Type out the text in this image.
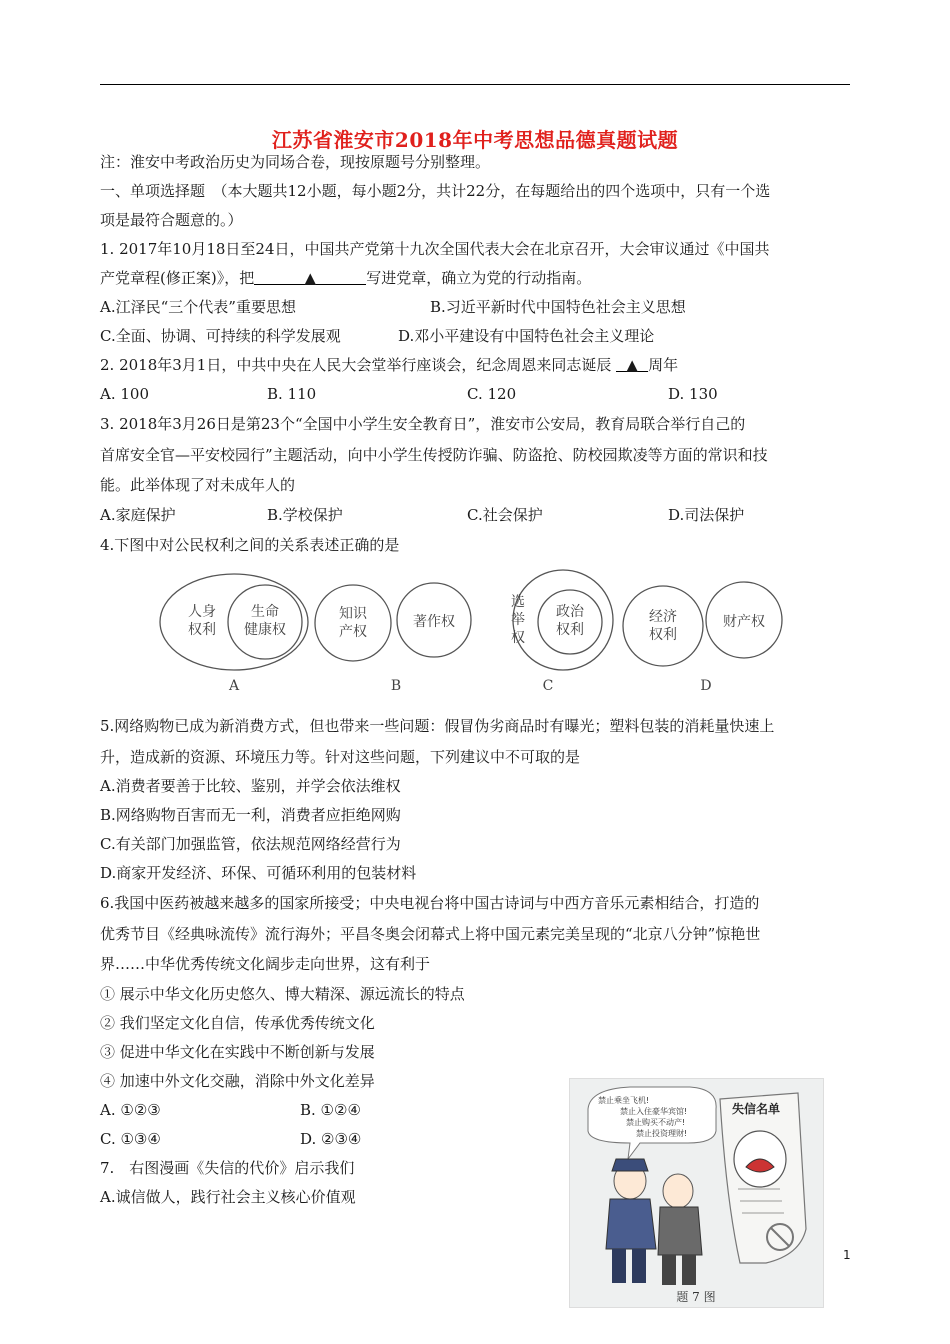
江苏省淮安市2018年中考思想品德真题试题
注：淮安中考政治历史为同场合卷，现按原题号分别整理。
一、单项选择题　（本大题共12小题，每小题2分，共计22分，在每题给出的四个选项中，只有一个选
项是最符合题意的。）
1. 2017年10月18日至24日，中国共产党第十九次全国代表大会在北京召开，大会审议通过《中国共
产党章程(修正案)》，把	▲	写进党章，确立为党的行动指南。
A.江泽民“三个代表”重要思想	B.习近平新时代中国特色社会主义思想
C.全面、协调、可持续的科学发展观	D.邓小平建设有中国特色社会主义理论
2. 2018年3月1日，中共中央在人民大会堂举行座谈会，纪念周恩来同志诞辰 ▲ 周年
A. 100	B. 110	C. 120	D. 130
3. 2018年3月26日是第23个“全国中小学生安全教育日”，淮安市公安局，教育局联合举行自己的
首席安全官—平安校园行”主题活动，向中小学生传授防诈骗、防盗抢、防校园欺凌等方面的常识和技
能。此举体现了对未成年人的
A.家庭保护	B.学校保护	C.社会保护	D.司法保护
4.下图中对公民权利之间的关系表述正确的是
人身
权利
生命
健康权
A
知识
产权
著作权
B
选
举
权
政治
权利
C
经济
权利
财产权
D
5.网络购物已成为新消费方式，但也带来一些问题：假冒伪劣商品时有曝光；塑料包装的消耗量快速上
升，造成新的资源、环境压力等。针对这些问题，下列建议中不可取的是
A.消费者要善于比较、鉴别，并学会依法维权
B.网络购物百害而无一利，消费者应拒绝网购
C.有关部门加强监管，依法规范网络经营行为
D.商家开发经济、环保、可循环利用的包装材料
6.我国中医药被越来越多的国家所接受；中央电视台将中国古诗词与中西方音乐元素相结合，打造的
优秀节目《经典咏流传》流行海外；平昌冬奥会闭幕式上将中国元素完美呈现的“北京八分钟”惊艳世
界……中华优秀传统文化阔步走向世界，这有利于
① 展示中华文化历史悠久、博大精深、源远流长的特点
② 我们坚定文化自信，传承优秀传统文化
③ 促进中华文化在实践中不断创新与发展
④ 加速中外文化交融，消除中外文化差异
A. ①②③	B. ①②④
C. ①③④	D. ②③④
7.　右图漫画《失信的代价》启示我们
A.诚信做人，践行社会主义核心价值观
禁止乘坐飞机!
禁止入住豪华宾馆!
禁止购买不动产!
禁止投资理财!
失信名单
题 7 图
1
